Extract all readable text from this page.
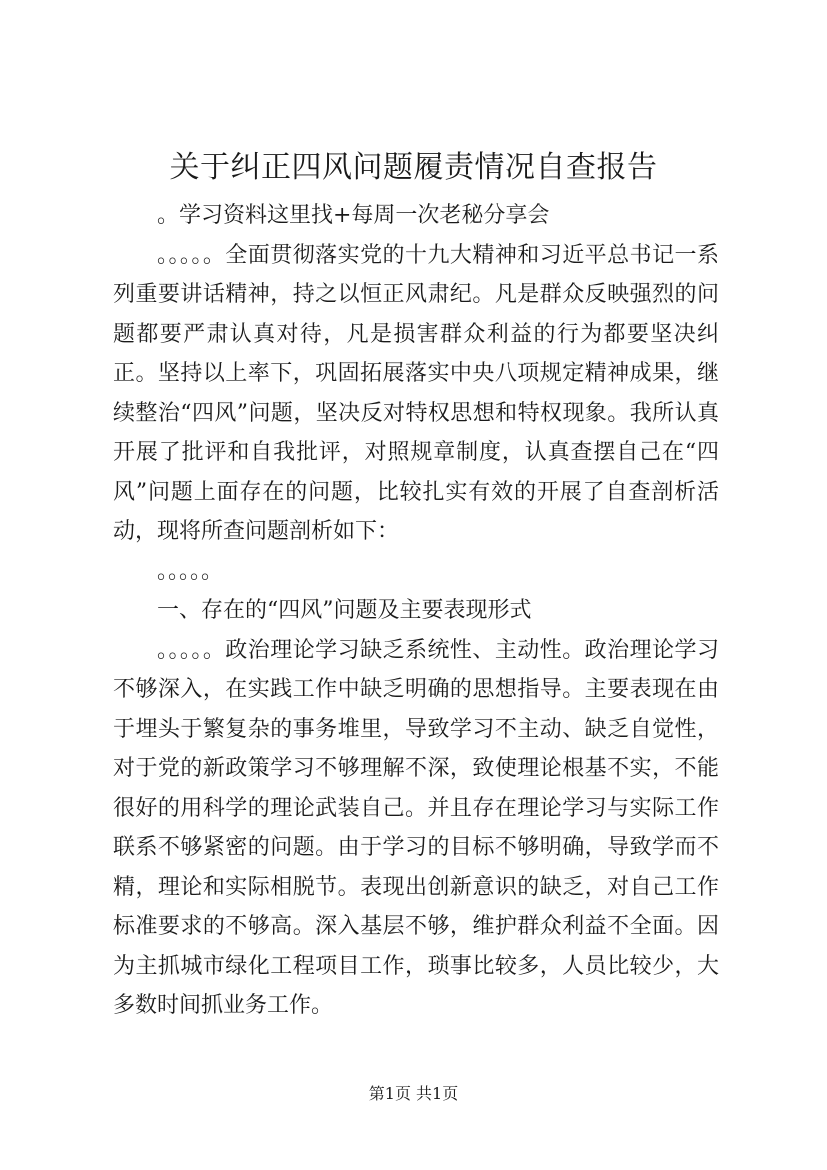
关于纠正四风问题履责情况自查报告

。学习资料这里找+每周一次老秘分享会

。。。。。全面贯彻落实党的十九大精神和习近平总书记一系列重要讲话精神，持之以恒正风肃纪。凡是群众反映强烈的问题都要严肃认真对待，凡是损害群众利益的行为都要坚决纠正。坚持以上率下，巩固拓展落实中央八项规定精神成果，继续整治“四风”问题，坚决反对特权思想和特权现象。我所认真开展了批评和自我批评，对照规章制度，认真查摆自己在“四风”问题上面存在的问题，比较扎实有效的开展了自查剖析活动，现将所查问题剖析如下：

。。。。。

一、存在的“四风”问题及主要表现形式

。。。。。政治理论学习缺乏系统性、主动性。政治理论学习不够深入，在实践工作中缺乏明确的思想指导。主要表现在由于埋头于繁复杂的事务堆里，导致学习不主动、缺乏自觉性，对于党的新政策学习不够理解不深，致使理论根基不实，不能很好的用科学的理论武装自己。并且存在理论学习与实际工作联系不够紧密的问题。由于学习的目标不够明确，导致学而不精，理论和实际相脱节。表现出创新意识的缺乏，对自己工作标准要求的不够高。深入基层不够，维护群众利益不全面。因为主抓城市绿化工程项目工作，琐事比较多，人员比较少，大多数时间抓业务工作。

第1页 共1页
